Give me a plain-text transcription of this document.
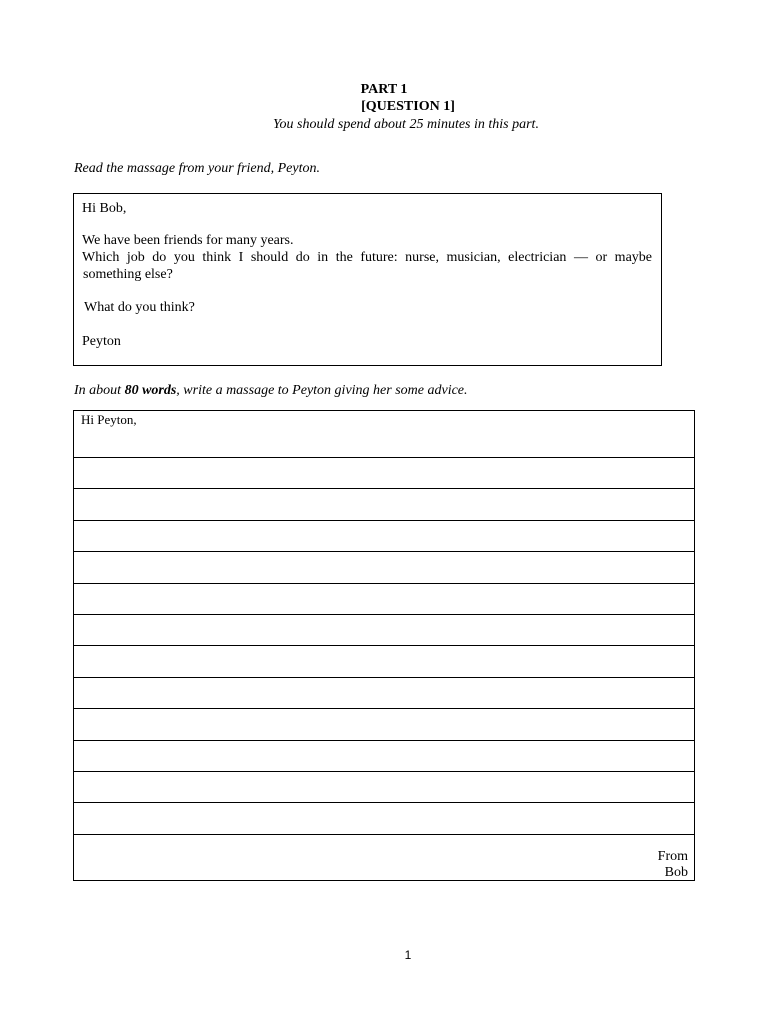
PART 1
[QUESTION 1]
You should spend about 25 minutes in this part.
Read the massage from your friend, Peyton.
Hi Bob,
We have been friends for many years.
Which job do you think I should do in the future: nurse, musician, electrician — or maybe
something else?
What do you think?
Peyton
In about 80 words, write a massage to Peyton giving her some advice.
Hi Peyton,
From
Bob
1
